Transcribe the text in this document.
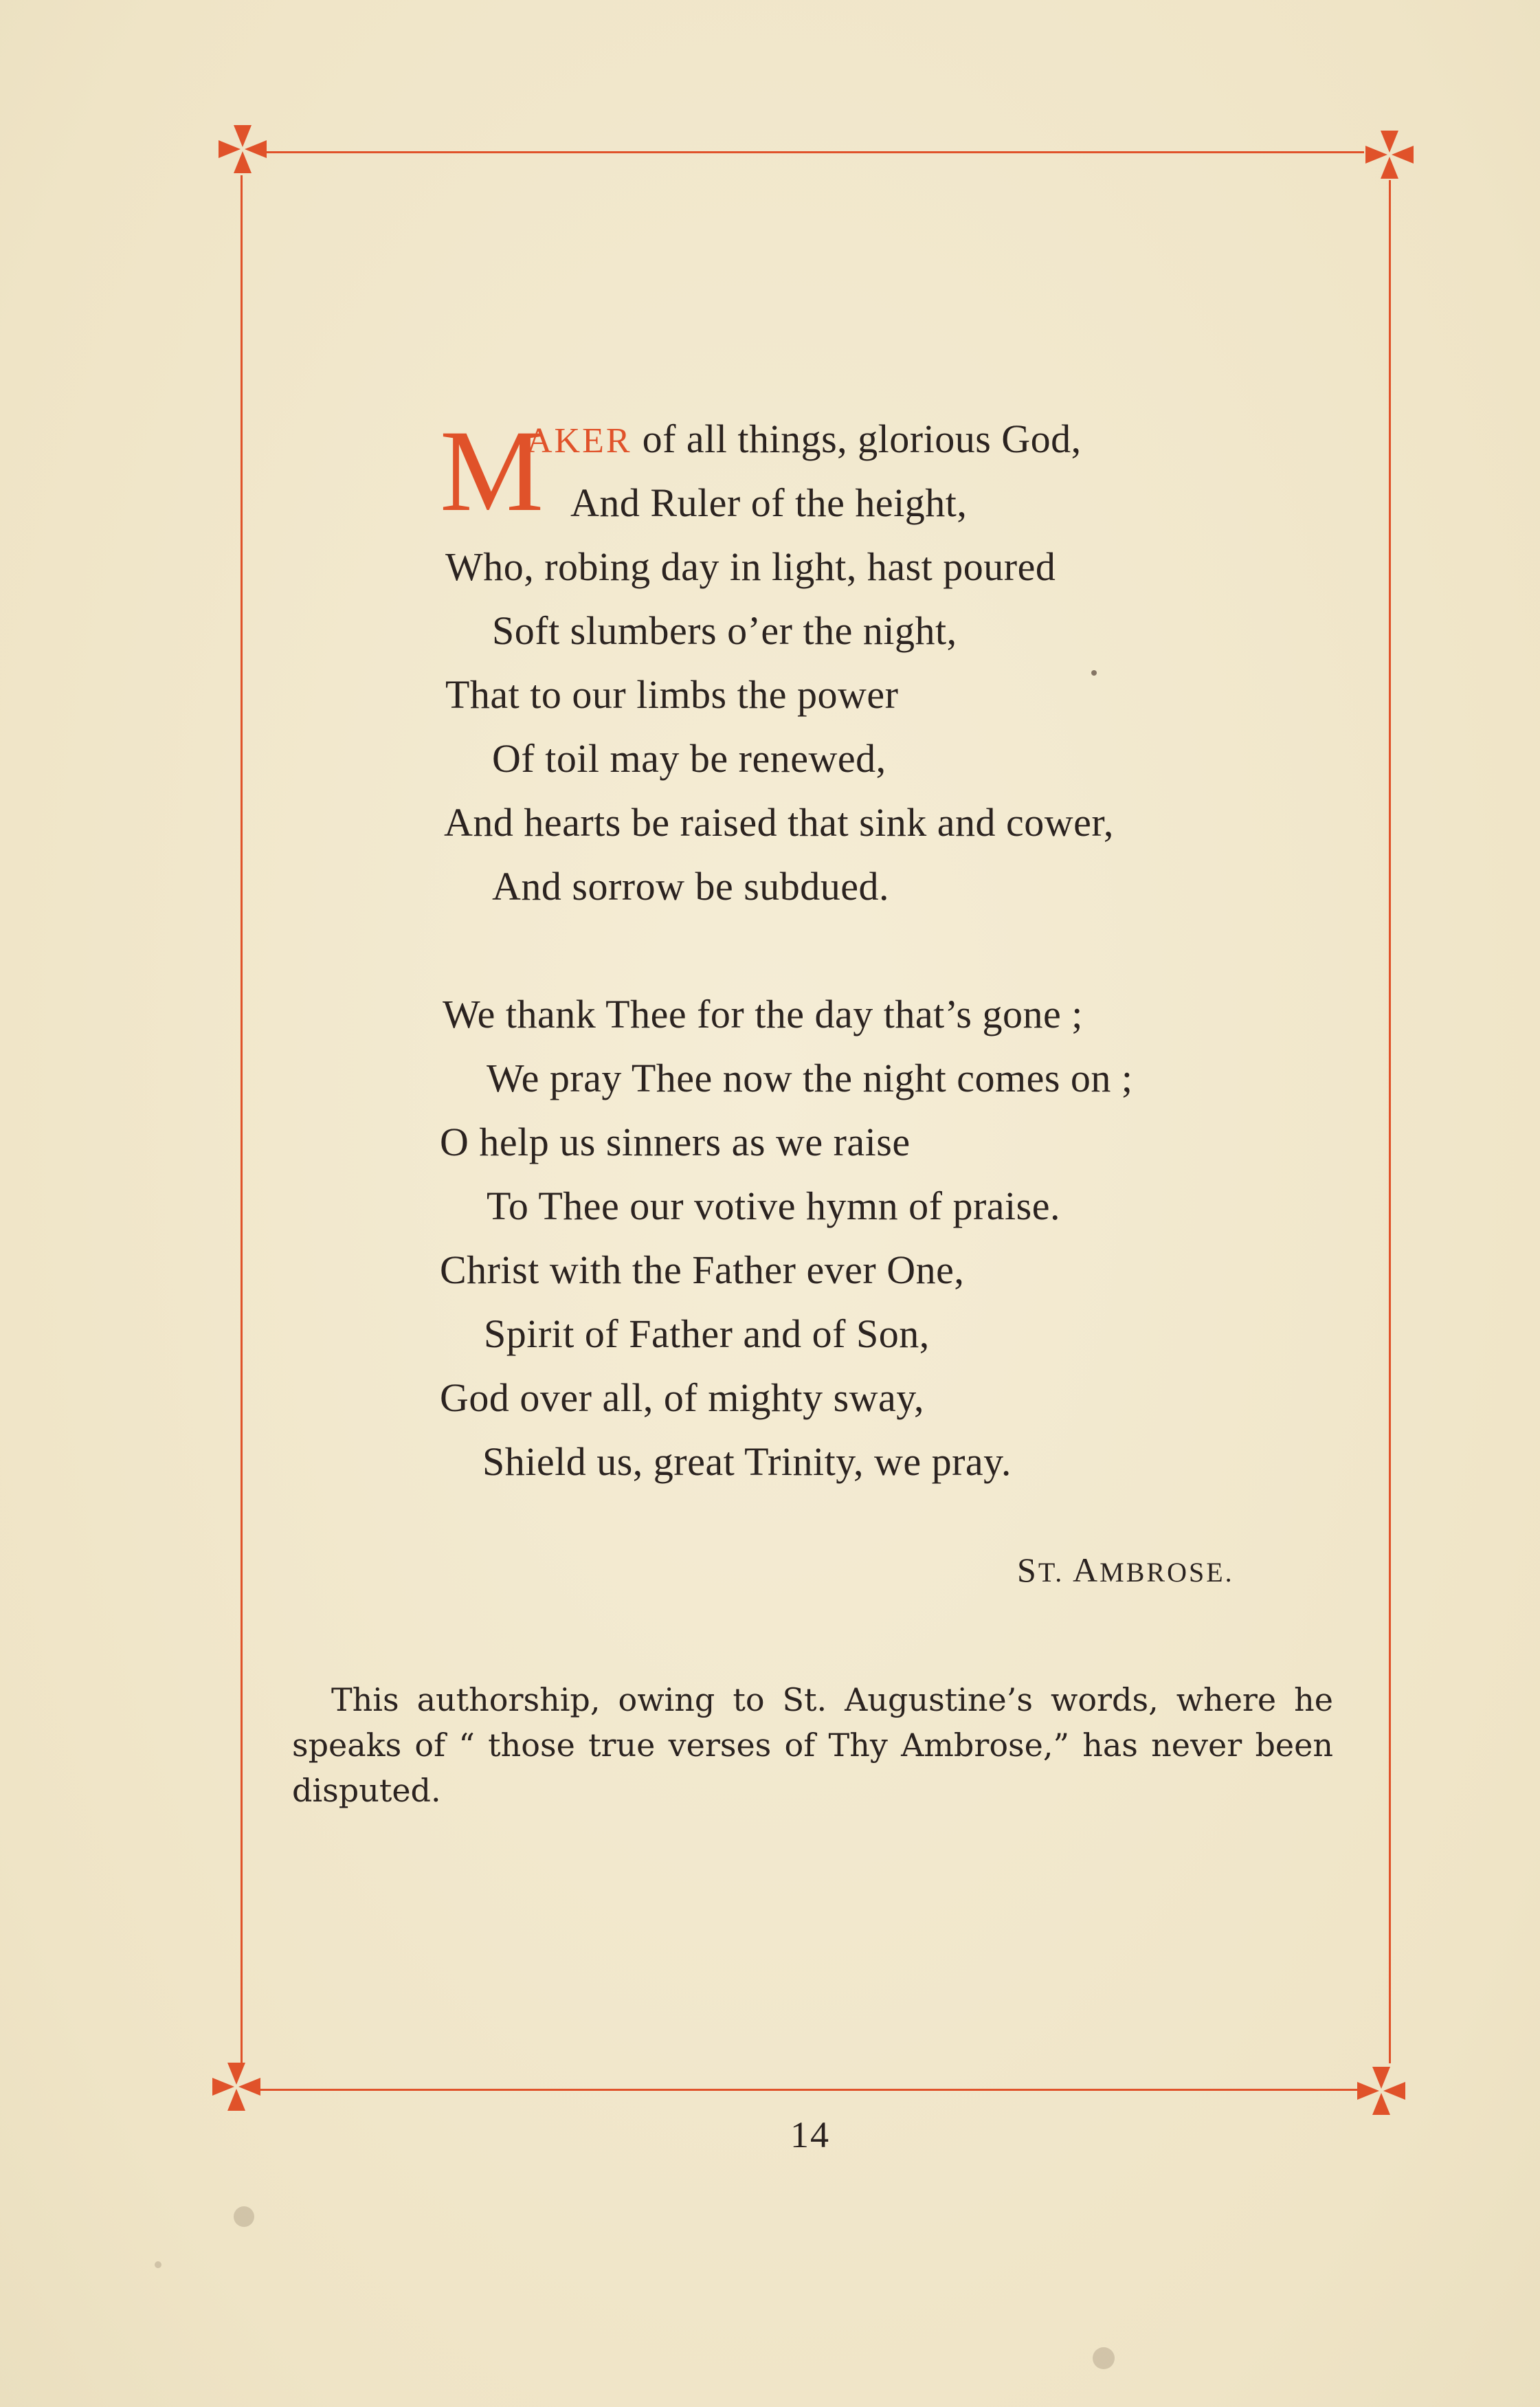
M
AKER of all things, glorious God,
And Ruler of the height,
Who, robing day in light, hast poured
Soft slumbers o’er the night,
That to our limbs the power
Of toil may be renewed,
And hearts be raised that sink and cower,
And sorrow be subdued.
We thank Thee for the day that’s gone ;
We pray Thee now the night comes on ;
O help us sinners as we raise
To Thee our votive hymn of praise.
Christ with the Father ever One,
Spirit of Father and of Son,
God over all, of mighty sway,
Shield us, great Trinity, we pray.
ST. AMBROSE.
This authorship, owing to St. Augustine’s words, where he speaks of “ those true verses of Thy Ambrose,” has never been disputed.
14
